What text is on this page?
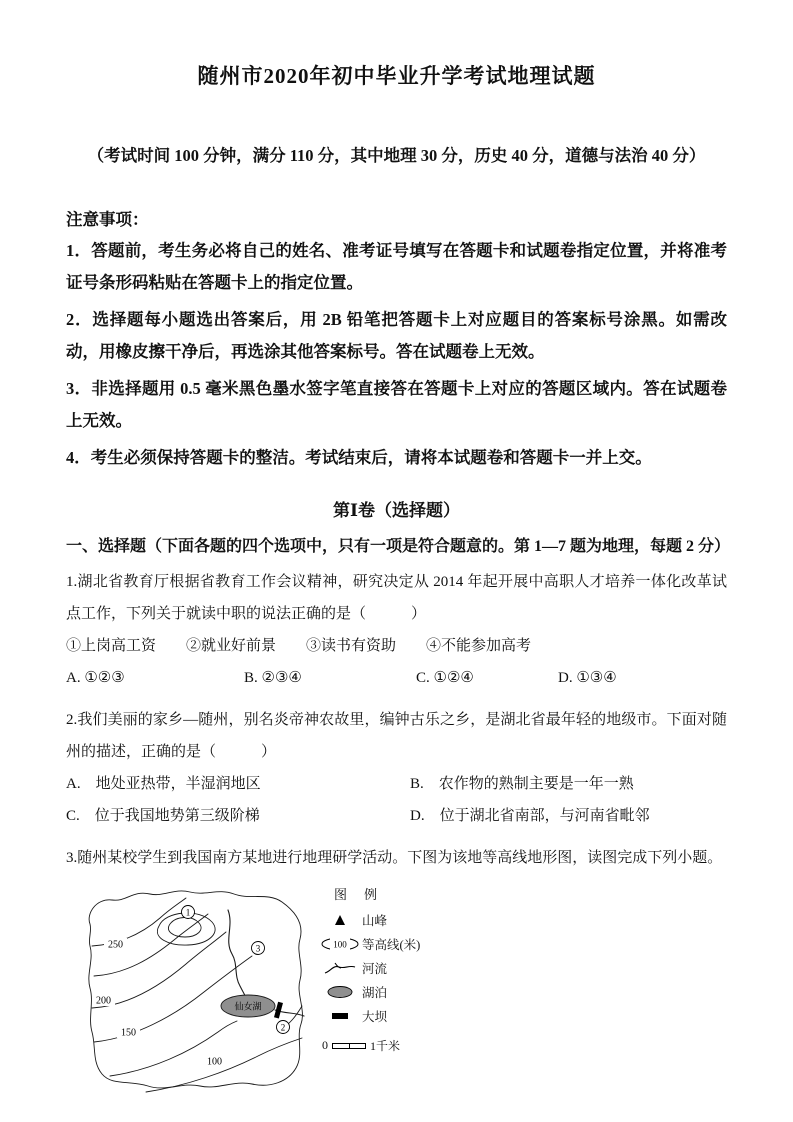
随州市2020年初中毕业升学考试地理试题

（考试时间 100 分钟，满分 110 分，其中地理 30 分，历史 40 分，道德与法治 40 分）

注意事项：

1．答题前，考生务必将自己的姓名、准考证号填写在答题卡和试题卷指定位置，并将准考证号条形码粘贴在答题卡上的指定位置。

2．选择题每小题选出答案后，用 2B 铅笔把答题卡上对应题目的答案标号涂黑。如需改动，用橡皮擦干净后，再选涂其他答案标号。答在试题卷上无效。

3．非选择题用 0.5 毫米黑色墨水签字笔直接答在答题卡上对应的答题区域内。答在试题卷上无效。

4．考生必须保持答题卡的整洁。考试结束后，请将本试题卷和答题卡一并上交。

第Ⅰ卷（选择题）

一、选择题（下面各题的四个选项中，只有一项是符合题意的。第 1—7 题为地理，每题 2 分）

1.湖北省教育厅根据省教育工作会议精神，研究决定从 2014 年起开展中高职人才培养一体化改革试点工作，下列关于就读中职的说法正确的是（　　　）

①上岗高工资　　②就业好前景　　③读书有资助　　④不能参加高考

A. ①②③	B. ②③④	C. ①②④	D. ①③④

2.我们美丽的家乡—随州，别名炎帝神农故里，编钟古乐之乡，是湖北省最年轻的地级市。下面对随州的描述，正确的是（　　　）

A.　地处亚热带，半湿润地区	B.　农作物的熟制主要是一年一熟
C.　位于我国地势第三级阶梯	D.　位于湖北省南部，与河南省毗邻

3.随州某校学生到我国南方某地进行地理研学活动。下图为该地等高线地形图，读图完成下列小题。

仙女湖
250
200
150
100
1
3
2
图　例
山峰
100 等高线(米)
河流
湖泊
大坝
0	1千米
